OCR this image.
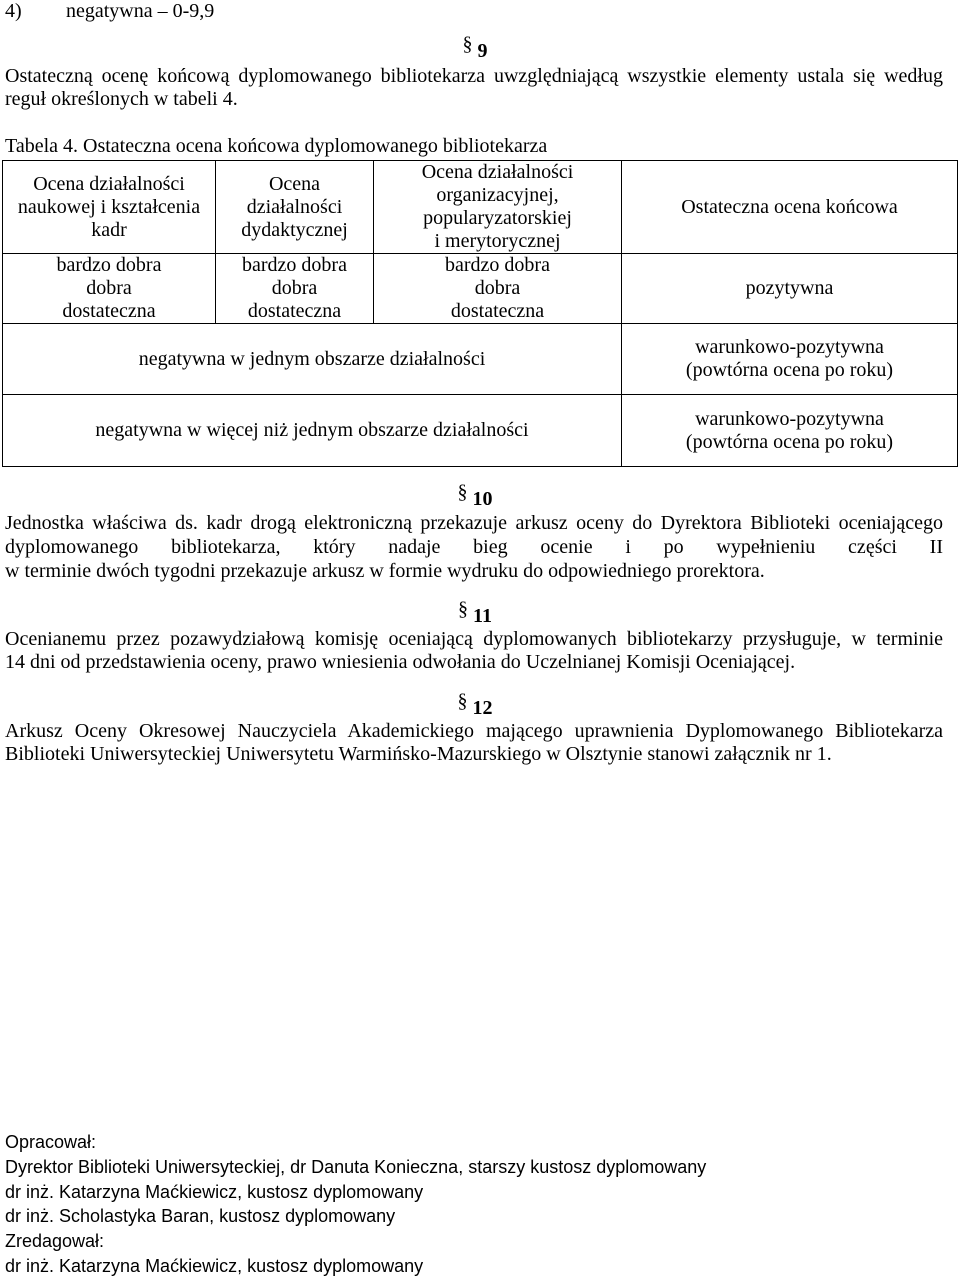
4) negatywna – 0-9,9
§ 9
Ostateczną ocenę końcową dyplomowanego bibliotekarza uwzględniającą wszystkie elementy ustala się według
reguł określonych w tabeli 4.
Tabela 4. Ostateczna ocena końcowa dyplomowanego bibliotekarza
Ocena działalności
naukowej i kształcenia
kadr	Ocena
działalności
dydaktycznej	Ocena działalności
organizacyjnej,
popularyzatorskiej
i merytorycznej	Ostateczna ocena końcowa

bardzo dobra
dobra
dostateczna	bardzo dobra
dobra
dostateczna	bardzo dobra
dobra
dostateczna	pozytywna

negatywna w jednym obszarze działalności			warunkowo-pozytywna
(powtórna ocena po roku)

negatywna w więcej niż jednym obszarze działalności			warunkowo-pozytywna
(powtórna ocena po roku)
§ 10
Jednostka właściwa ds. kadr drogą elektroniczną przekazuje arkusz oceny do Dyrektora Biblioteki oceniającego
dyplomowanego bibliotekarza, który nadaje bieg ocenie i po wypełnieniu części II
w terminie dwóch tygodni przekazuje arkusz w formie wydruku do odpowiedniego prorektora.
§ 11
Ocenianemu przez pozawydziałową komisję oceniającą dyplomowanych bibliotekarzy przysługuje, w terminie
14 dni od przedstawienia oceny, prawo wniesienia odwołania do Uczelnianej Komisji Oceniającej.
§ 12
Arkusz Oceny Okresowej Nauczyciela Akademickiego mającego uprawnienia Dyplomowanego Bibliotekarza
Biblioteki Uniwersyteckiej Uniwersytetu Warmińsko-Mazurskiego w Olsztynie stanowi załącznik nr 1.
Opracował:
Dyrektor Biblioteki Uniwersyteckiej, dr Danuta Konieczna, starszy kustosz dyplomowany
dr inż. Katarzyna Maćkiewicz, kustosz dyplomowany
dr inż. Scholastyka Baran, kustosz dyplomowany
Zredagował:
dr inż. Katarzyna Maćkiewicz, kustosz dyplomowany
